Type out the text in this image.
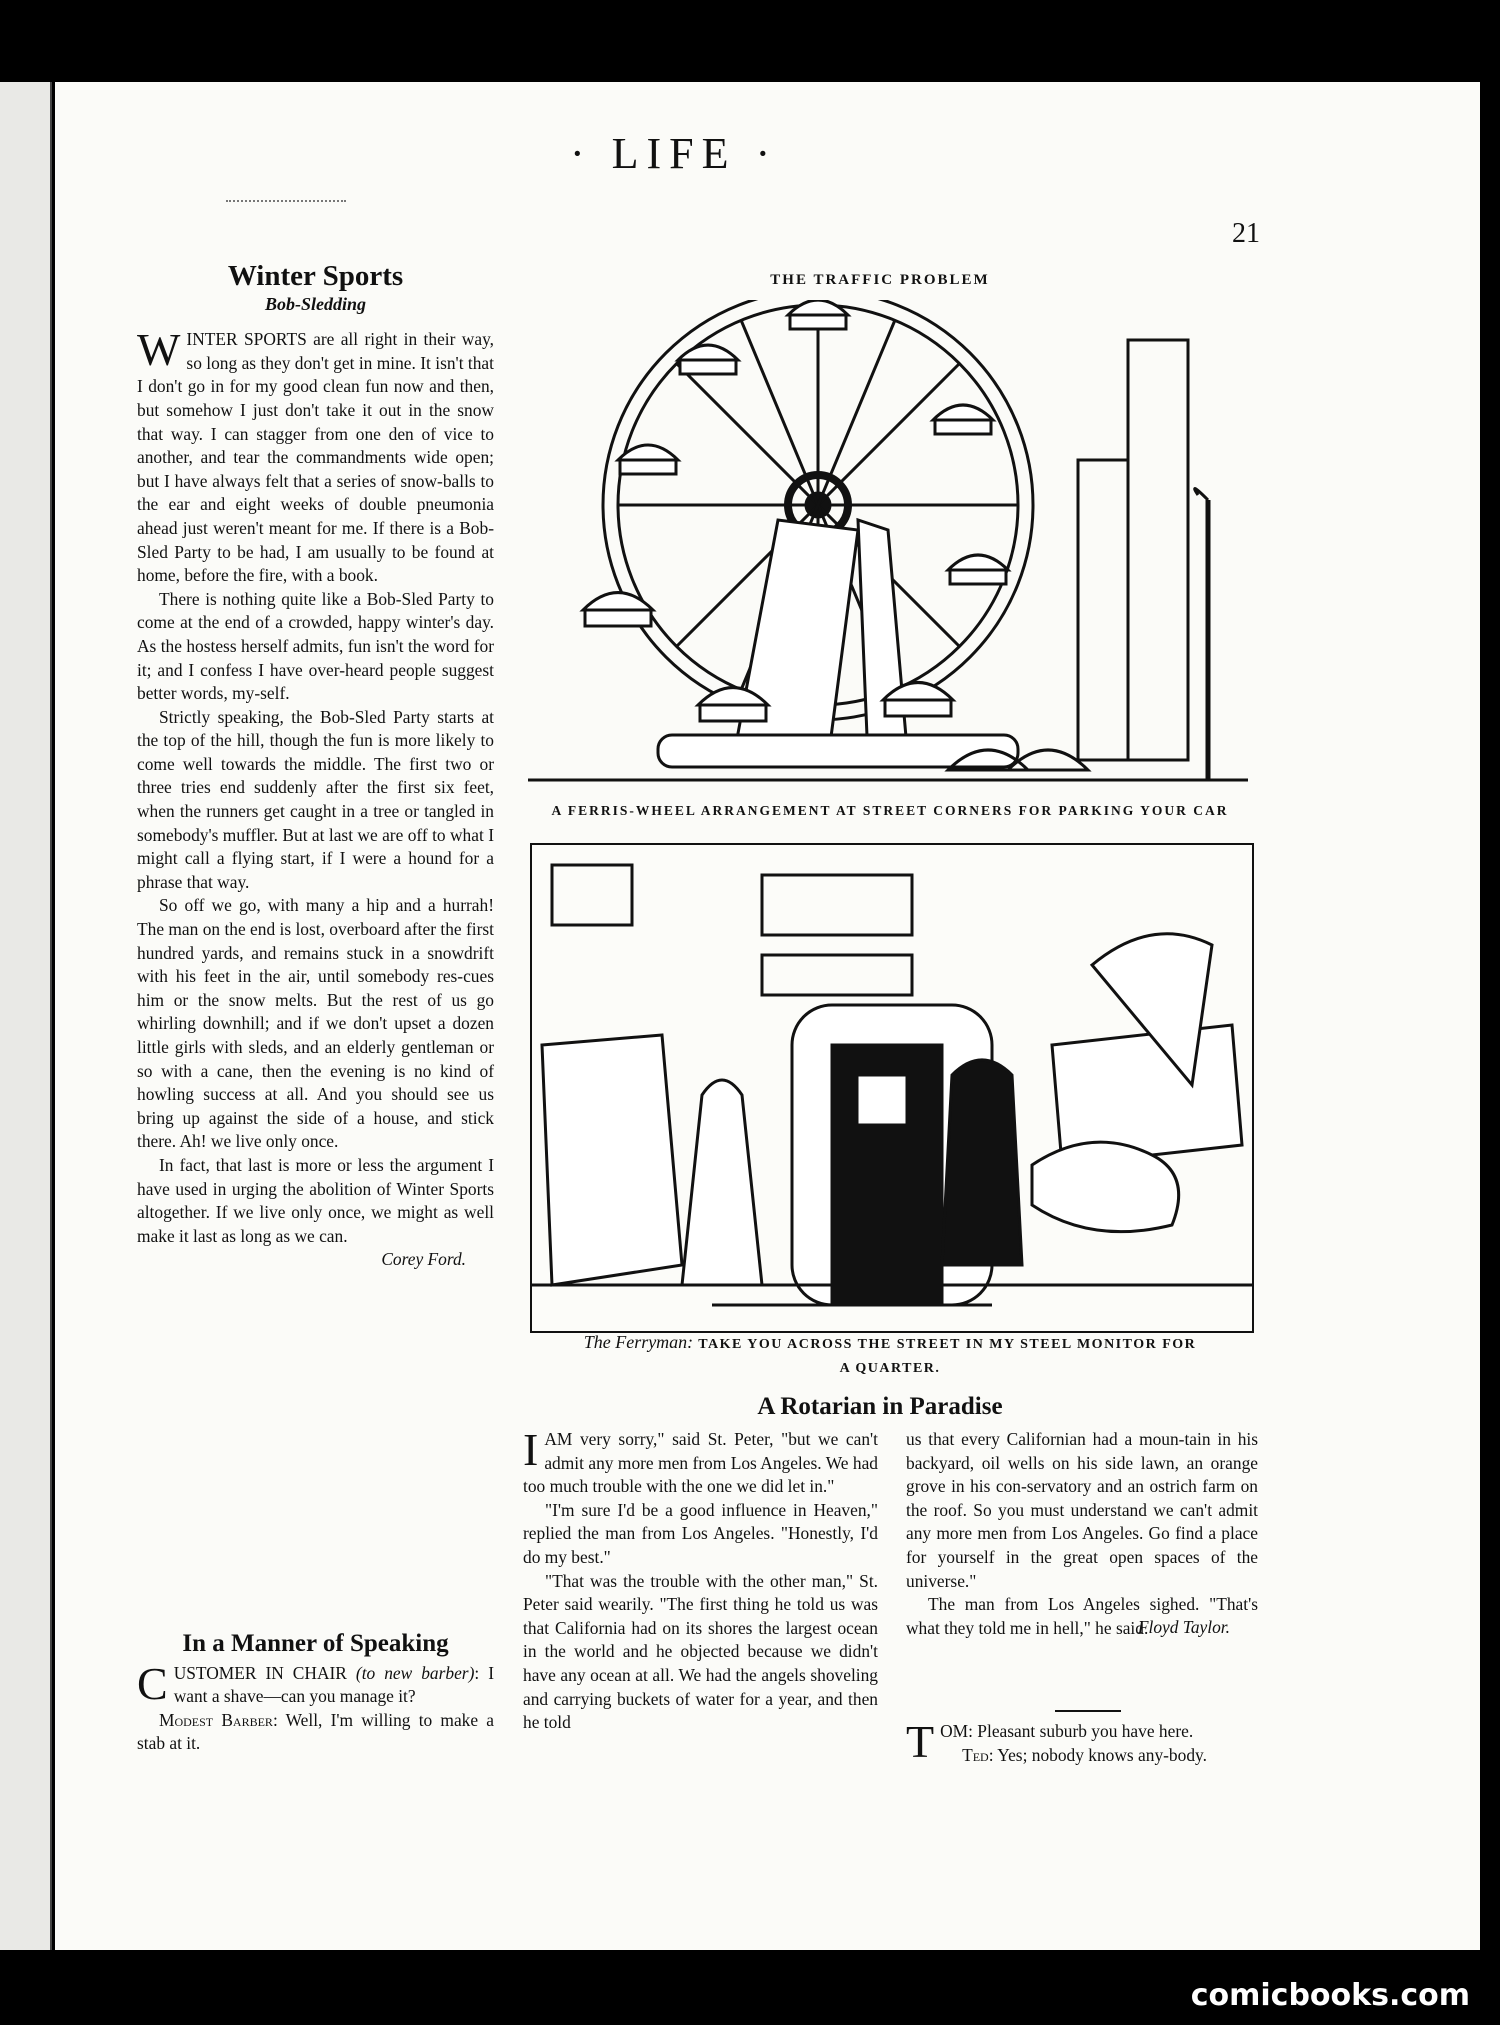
· LIFE ·
21
THE TRAFFIC PROBLEM
A FERRIS-WHEEL ARRANGEMENT AT STREET CORNERS FOR PARKING YOUR CAR
The Ferryman: TAKE YOU ACROSS THE STREET IN MY STEEL MONITOR FOR
A QUARTER.
Winter Sports
Bob-Sledding

WINTER SPORTS are all right in their way, so long as they don't get in mine. It isn't that I don't go in for my good clean fun now and then, but somehow I just don't take it out in the snow that way. I can stagger from one den of vice to another, and tear the commandments wide open; but I have always felt that a series of snow-balls to the ear and eight weeks of double pneumonia ahead just weren't meant for me. If there is a Bob-Sled Party to be had, I am usually to be found at home, before the fire, with a book.

There is nothing quite like a Bob-Sled Party to come at the end of a crowded, happy winter's day. As the hostess herself admits, fun isn't the word for it; and I confess I have over-heard people suggest better words, my-self.

Strictly speaking, the Bob-Sled Party starts at the top of the hill, though the fun is more likely to come well towards the middle. The first two or three tries end suddenly after the first six feet, when the runners get caught in a tree or tangled in somebody's muffler. But at last we are off to what I might call a flying start, if I were a hound for a phrase that way.

So off we go, with many a hip and a hurrah! The man on the end is lost, overboard after the first hundred yards, and remains stuck in a snowdrift with his feet in the air, until somebody res-cues him or the snow melts. But the rest of us go whirling downhill; and if we don't upset a dozen little girls with sleds, and an elderly gentleman or so with a cane, then the evening is no kind of howling success at all. And you should see us bring up against the side of a house, and stick there. Ah! we live only once.

In fact, that last is more or less the argument I have used in urging the abolition of Winter Sports altogether. If we live only once, we might as well make it last as long as we can.

Corey Ford.
In a Manner of Speaking

CUSTOMER IN CHAIR (to new barber): I want a shave—can you manage it?

Modest Barber: Well, I'm willing to make a stab at it.

A Rotarian in Paradise

IAM very sorry," said St. Peter, "but we can't admit any more men from Los Angeles. We had too much trouble with the one we did let in."

"I'm sure I'd be a good influence in Heaven," replied the man from Los Angeles. "Honestly, I'd do my best."

"That was the trouble with the other man," St. Peter said wearily. "The first thing he told us was that California had on its shores the largest ocean in the world and he objected because we didn't have any ocean at all. We had the angels shoveling and carrying buckets of water for a year, and then he told

us that every Californian had a moun-tain in his backyard, oil wells on his side lawn, an orange grove in his con-servatory and an ostrich farm on the roof. So you must understand we can't admit any more men from Los Angeles. Go find a place for yourself in the great open spaces of the universe."

The man from Los Angeles sighed. "That's what they told me in hell," he said.

Floyd Taylor.

TOM: Pleasant suburb you have here.

Ted: Yes; nobody knows any-body.

comicbooks.com
